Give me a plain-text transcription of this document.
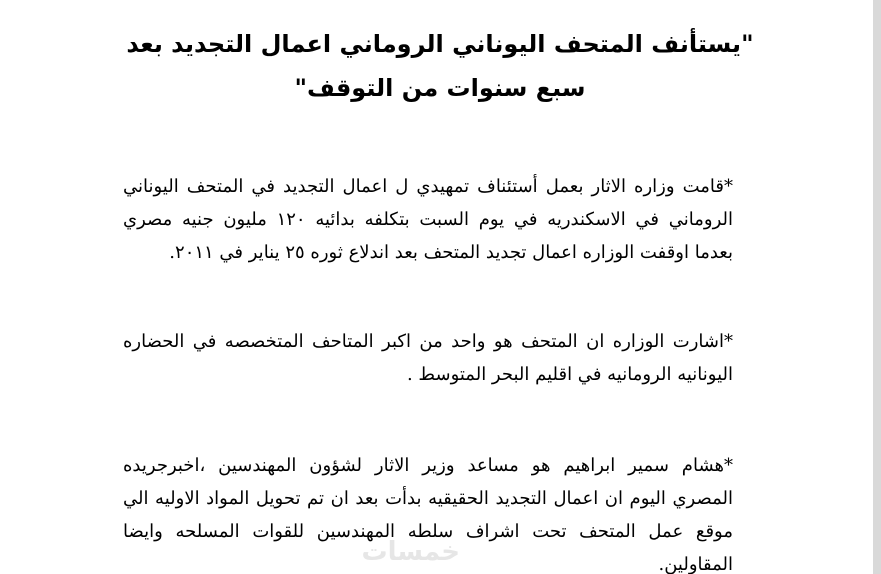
"يستأنف المتحف اليوناني الروماني اعمال التجديد بعد سبع سنوات من التوقف"

*قامت وزاره الاثار بعمل أستئناف تمهيدي ل اعمال التجديد في المتحف اليوناني الروماني في الاسكندريه في يوم السبت بتكلفه بدائيه ١٢٠ مليون جنيه مصري بعدما اوقفت الوزاره اعمال تجديد المتحف بعد اندلاع ثوره ٢٥ يناير في ٢٠١١.

*اشارت الوزاره ان المتحف هو واحد من اكبر المتاحف المتخصصه في الحضاره اليونانيه الرومانيه في اقليم البحر المتوسط .

*هشام سمير ابراهيم هو مساعد وزير الاثار لشؤون المهندسين ،اخبرجريده المصري اليوم ان اعمال التجديد الحقيقيه بدأت بعد ان تم تحويل المواد الاوليه الي موقع عمل المتحف تحت اشراف سلطه المهندسين للقوات المسلحه وايضا المقاولين.

خمسات
